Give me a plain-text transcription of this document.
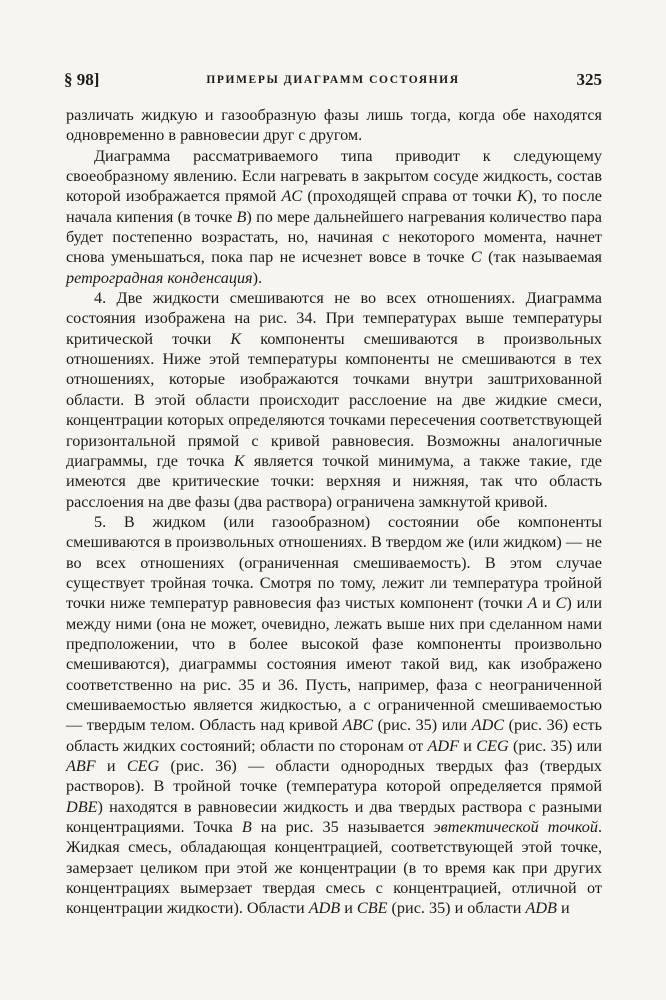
§ 98]	ПРИМЕРЫ ДИАГРАММ СОСТОЯНИЯ	325

различать жидкую и газообразную фазы лишь тогда, когда обе находятся одновременно в равновесии друг с другом.

Диаграмма рассматриваемого типа приводит к следующему своеобразному явлению. Если нагревать в закрытом сосуде жидкость, состав которой изображается прямой AC (проходящей справа от точки K), то после начала кипения (в точке B) по мере дальнейшего нагревания количество пара будет постепенно возрастать, но, начиная с некоторого момента, начнет снова уменьшаться, пока пар не исчезнет вовсе в точке C (так называемая ретроградная конденсация).

4. Две жидкости смешиваются не во всех отношениях. Диаграмма состояния изображена на рис. 34. При температурах выше температуры критической точки K компоненты смешиваются в произвольных отношениях. Ниже этой температуры компоненты не смешиваются в тех отношениях, которые изображаются точками внутри заштрихованной области. В этой области происходит расслоение на две жидкие смеси, концентрации которых определяются точками пересечения соответствующей горизонтальной прямой с кривой равновесия. Возможны аналогичные диаграммы, где точка K является точкой минимума, а также такие, где имеются две критические точки: верхняя и нижняя, так что область расслоения на две фазы (два раствора) ограничена замкнутой кривой.

5. В жидком (или газообразном) состоянии обе компоненты смешиваются в произвольных отношениях. В твердом же (или жидком) — не во всех отношениях (ограниченная смешиваемость). В этом случае существует тройная точка. Смотря по тому, лежит ли температура тройной точки ниже температур равновесия фаз чистых компонент (точки A и C) или между ними (она не может, очевидно, лежать выше них при сделанном нами предположении, что в более высокой фазе компоненты произвольно смешиваются), диаграммы состояния имеют такой вид, как изображено соответственно на рис. 35 и 36. Пусть, например, фаза с неограниченной смешиваемостью является жидкостью, а с ограниченной смешиваемостью — твердым телом. Область над кривой ABC (рис. 35) или ADC (рис. 36) есть область жидких состояний; области по сторонам от ADF и CEG (рис. 35) или ABF и CEG (рис. 36) — области однородных твердых фаз (твердых растворов). В тройной точке (температура которой определяется прямой DBE) находятся в равновесии жидкость и два твердых раствора с разными концентрациями. Точка B на рис. 35 называется эвтектической точкой. Жидкая смесь, обладающая концентрацией, соответствующей этой точке, замерзает целиком при этой же концентрации (в то время как при других концентрациях вымерзает твердая смесь с концентрацией, отличной от концентрации жидкости). Области ADB и CBE (рис. 35) и области ADB и
